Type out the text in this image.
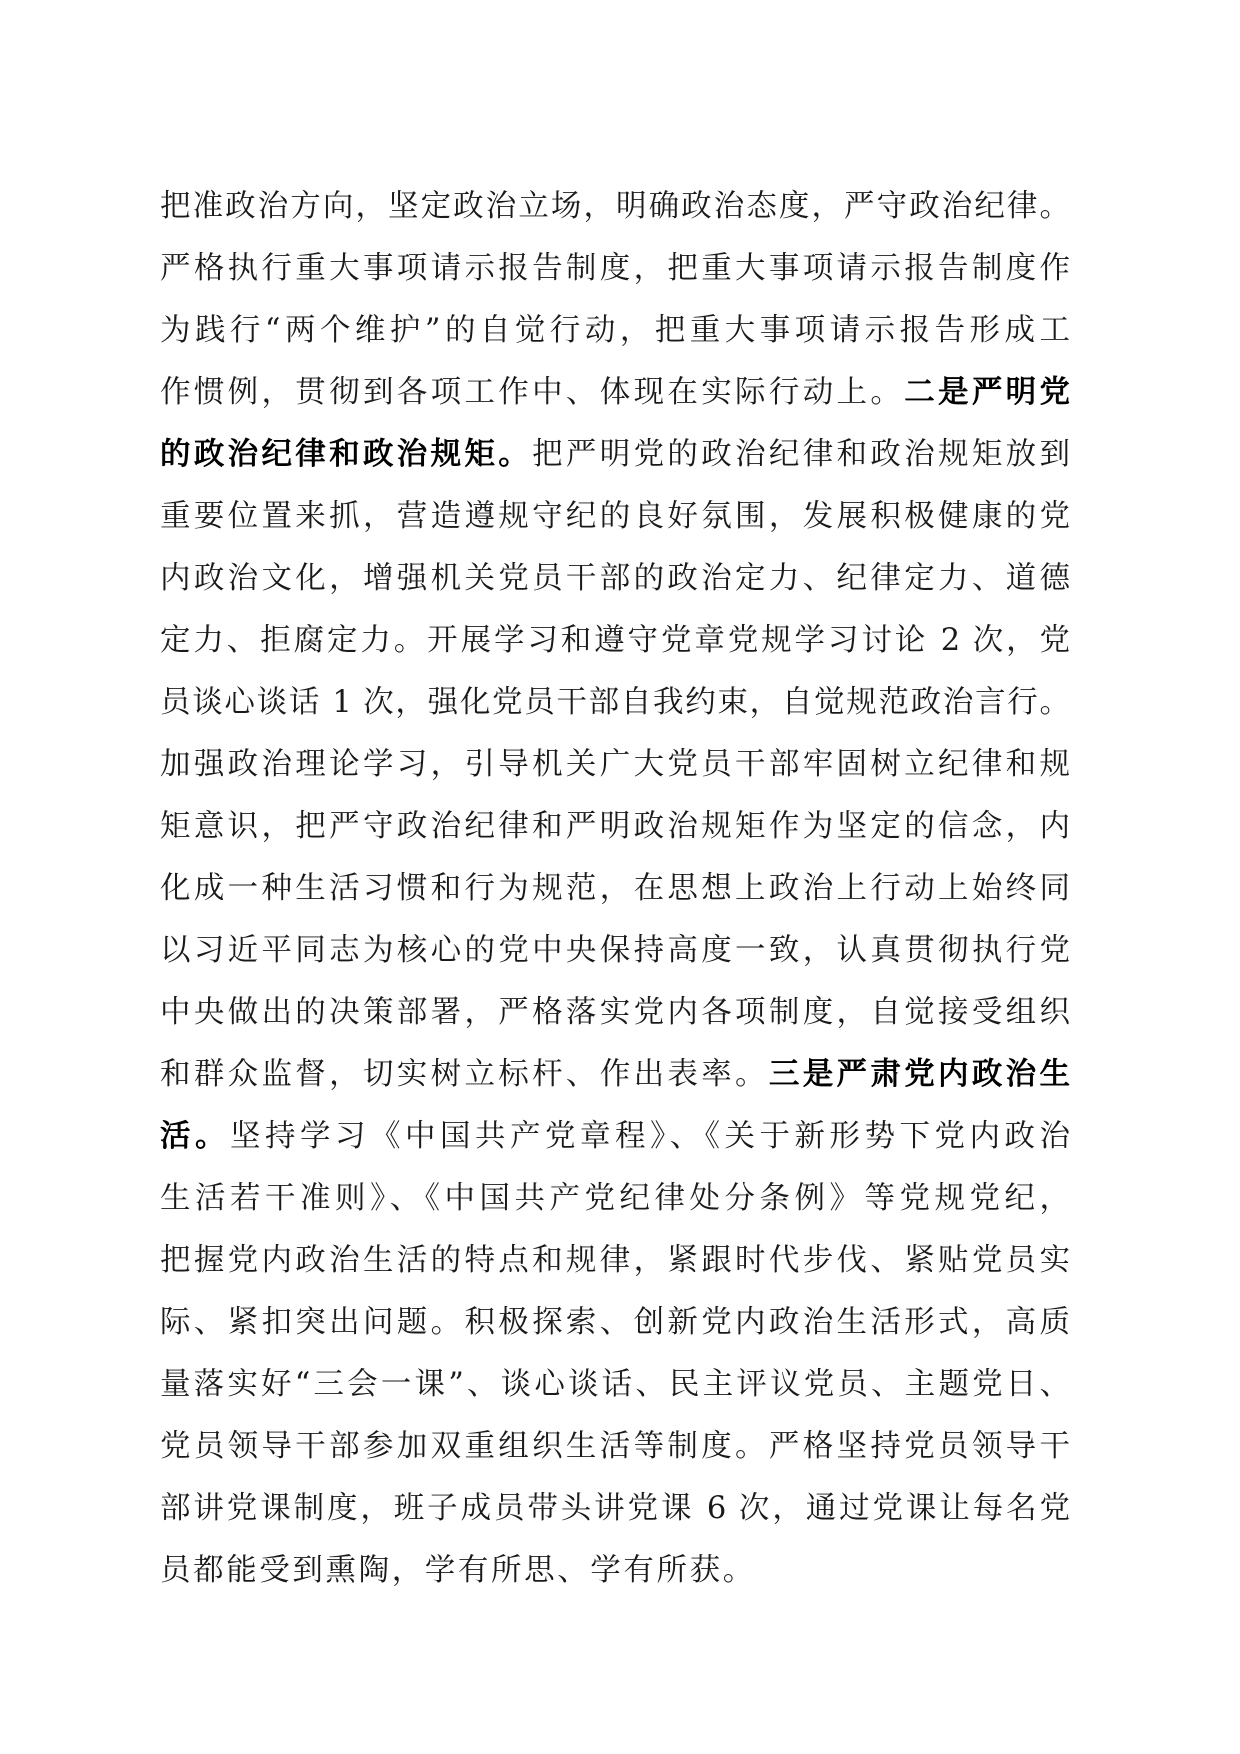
把准政治方向，坚定政治立场，明确政治态度，严守政治纪律。
严格执行重大事项请示报告制度，把重大事项请示报告制度作
为践行“两个维护”的自觉行动，把重大事项请示报告形成工
作惯例，贯彻到各项工作中、体现在实际行动上。二是严明党
的政治纪律和政治规矩。把严明党的政治纪律和政治规矩放到
重要位置来抓，营造遵规守纪的良好氛围，发展积极健康的党
内政治文化，增强机关党员干部的政治定力、纪律定力、道德
定力、拒腐定力。开展学习和遵守党章党规学习讨论 2 次，党
员谈心谈话 1 次，强化党员干部自我约束，自觉规范政治言行。
加强政治理论学习，引导机关广大党员干部牢固树立纪律和规
矩意识，把严守政治纪律和严明政治规矩作为坚定的信念，内
化成一种生活习惯和行为规范，在思想上政治上行动上始终同
以习近平同志为核心的党中央保持高度一致，认真贯彻执行党
中央做出的决策部署，严格落实党内各项制度，自觉接受组织
和群众监督，切实树立标杆、作出表率。三是严肃党内政治生
活。坚持学习《中国共产党章程》、《关于新形势下党内政治
生活若干准则》、《中国共产党纪律处分条例》等党规党纪，
把握党内政治生活的特点和规律，紧跟时代步伐、紧贴党员实
际、紧扣突出问题。积极探索、创新党内政治生活形式，高质
量落实好“三会一课”、谈心谈话、民主评议党员、主题党日、
党员领导干部参加双重组织生活等制度。严格坚持党员领导干
部讲党课制度，班子成员带头讲党课 6 次，通过党课让每名党
员都能受到熏陶，学有所思、学有所获。
